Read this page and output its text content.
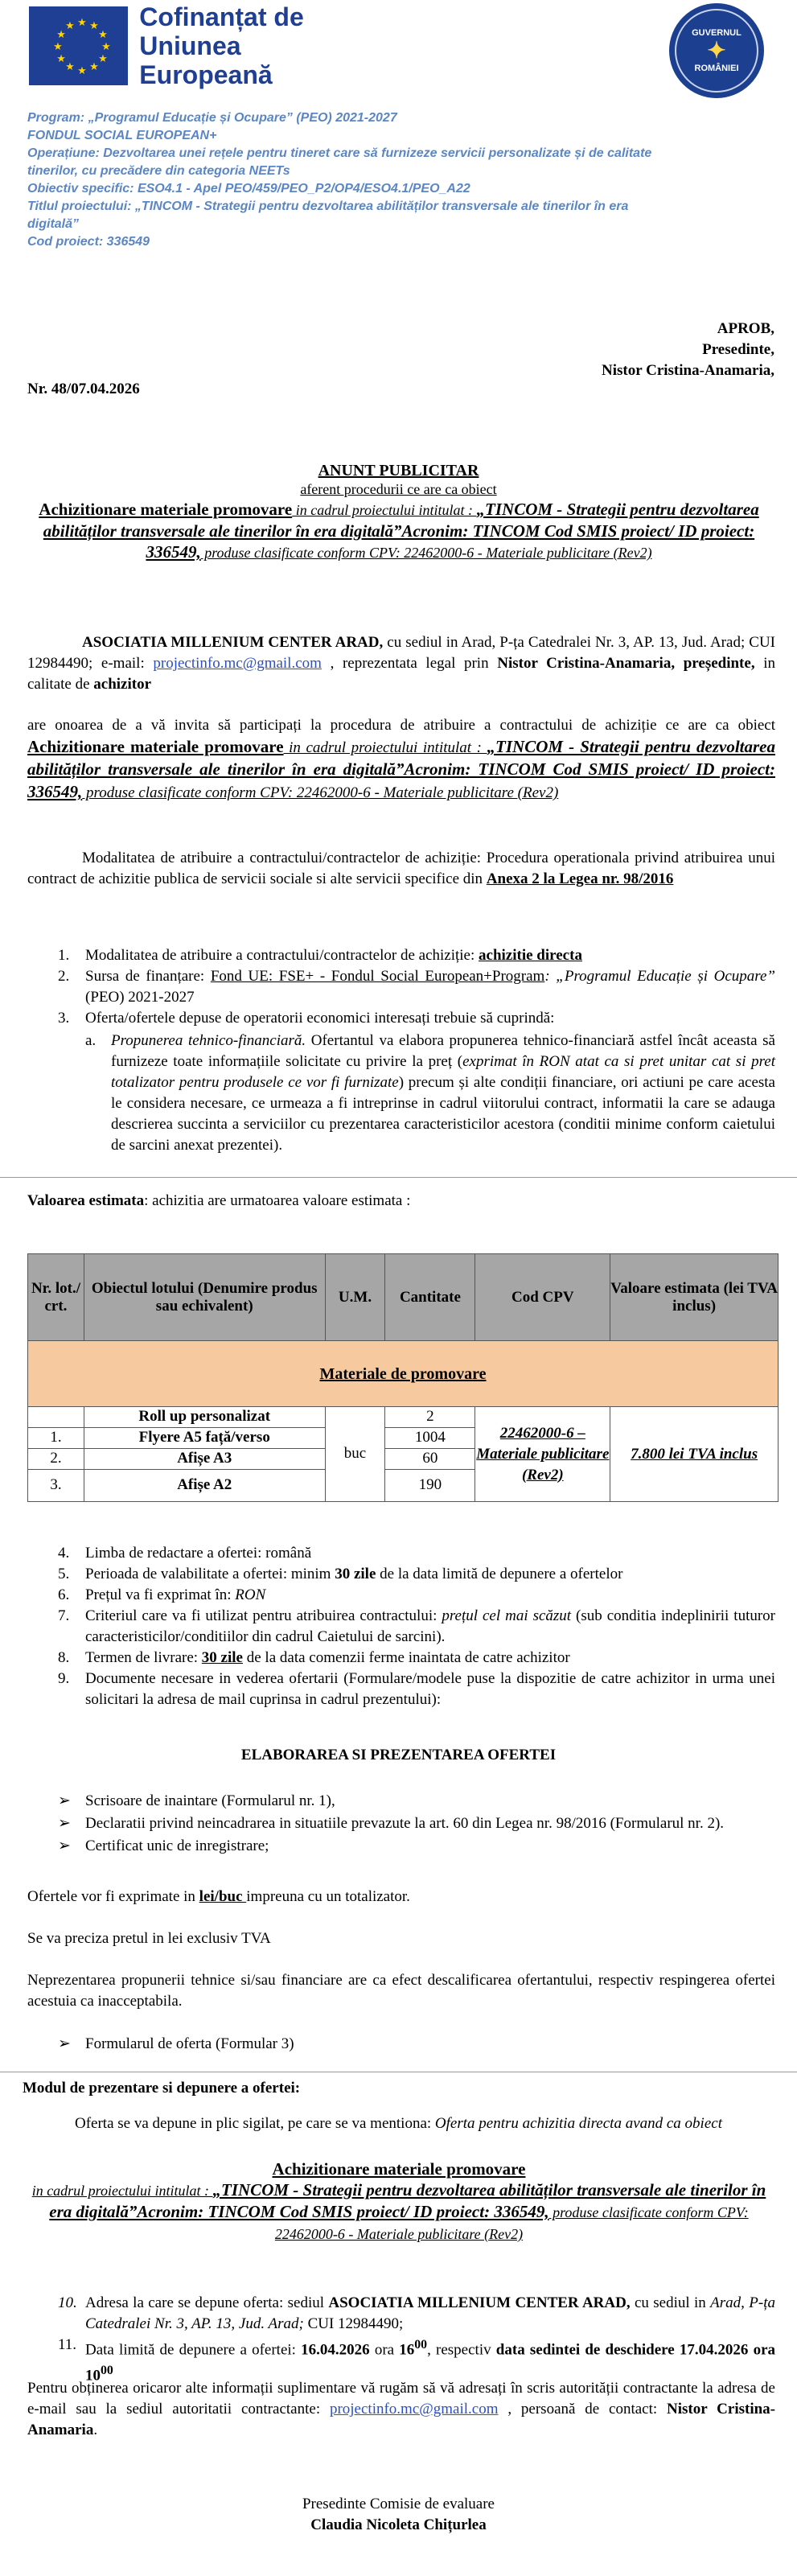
★ ★
★
★
★
★
★
★
★
★
★
★	Cofinanțat de
Uniunea Europeană
GUVERNUL
✦
ROMÂNIEI
Program: „Programul Educație și Ocupare” (PEO) 2021-2027
FONDUL SOCIAL EUROPEAN+
Operațiune: Dezvoltarea unei rețele pentru tineret care să furnizeze servicii personalizate și de calitate
tinerilor, cu precădere din categoria NEETs
Obiectiv specific: ESO4.1 - Apel PEO/459/PEO_P2/OP4/ESO4.1/PEO_A22
Titlul proiectului: „TINCOM - Strategii pentru dezvoltarea abilităților transversale ale tinerilor în era
digitală”
Cod proiect: 336549
APROB,
Presedinte,
Nistor Cristina-Anamaria,
Nr. 48/07.04.2026
ANUNT PUBLICITAR
aferent procedurii ce are ca obiect
Achizitionare materiale promovare in cadrul proiectului intitulat : „TINCOM - Strategii pentru dezvoltarea abilităților transversale ale tinerilor în era digitală”Acronim: TINCOM Cod SMIS proiect/ ID proiect: 336549, produse clasificate conform CPV: 22462000-6 - Materiale publicitare (Rev2)
ASOCIATIA MILLENIUM CENTER ARAD, cu sediul in Arad, P-ța Catedralei Nr. 3, AP. 13, Jud. Arad; CUI 12984490; e-mail: projectinfo.mc@gmail.com , reprezentata legal prin Nistor Cristina-Anamaria, președinte, in calitate de achizitor
are onoarea de a vă invita să participați la procedura de atribuire a contractului de achiziție ce are ca obiect Achizitionare materiale promovare in cadrul proiectului intitulat : „TINCOM - Strategii pentru dezvoltarea abilităților transversale ale tinerilor în era digitală”Acronim: TINCOM Cod SMIS proiect/ ID proiect: 336549, produse clasificate conform CPV: 22462000-6 - Materiale publicitare (Rev2)
Modalitatea de atribuire a contractului/contractelor de achiziție: Procedura operationala privind atribuirea unui contract de achizitie publica de servicii sociale si alte servicii specifice din Anexa 2 la Legea nr. 98/2016
1. Modalitatea de atribuire a contractului/contractelor de achiziție: achizitie directa
2. Sursa de finanțare: Fond UE: FSE+ - Fondul Social European+Program: „Programul Educație și Ocupare” (PEO) 2021-2027
3. Oferta/ofertele depuse de operatorii economici interesați trebuie să cuprindă:
a. Propunerea tehnico-financiară. Ofertantul va elabora propunerea tehnico-financiară astfel încât aceasta să furnizeze toate informațiile solicitate cu privire la preț (exprimat în RON atat ca si pret unitar cat si pret totalizator pentru produsele ce vor fi furnizate) precum și alte condiții financiare, ori actiuni pe care acesta le considera necesare, ce urmeaza a fi intreprinse in cadrul viitorului contract, informatii la care se adauga descrierea succinta a serviciilor cu prezentarea caracteristicilor acestora (conditii minime conform caietului de sarcini anexat prezentei).
Valoarea estimata: achizitia are urmatoarea valoare estimata :
Nr. lot./ crt.	Obiectul lotului (Denumire produs sau echivalent)	U.M.	Cantitate	Cod CPV	Valoare estimata (lei TVA inclus)
Materiale de promovare					
	Roll up personalizat	buc	2	22462000-6 – Materiale publicitare (Rev2)	7.800 lei TVA inclus
1.	Flyere A5 față/verso		1004		
2.	Afișe A3		60		
3.	Afișe A2		190		
4. Limba de redactare a ofertei: română
5. Perioada de valabilitate a ofertei: minim 30 zile de la data limită de depunere a ofertelor
6. Prețul va fi exprimat în: RON
7. Criteriul care va fi utilizat pentru atribuirea contractului: prețul cel mai scăzut (sub conditia indeplinirii tuturor caracteristicilor/conditiilor din cadrul Caietului de sarcini).
8. Termen de livrare: 30 zile de la data comenzii ferme inaintata de catre achizitor
9. Documente necesare in vederea ofertarii (Formulare/modele puse la dispozitie de catre achizitor in urma unei solicitari la adresa de mail cuprinsa in cadrul prezentului):
ELABORAREA SI PREZENTAREA OFERTEI
➢ Scrisoare de inaintare (Formularul nr. 1),
➢ Declaratii privind neincadrarea in situatiile prevazute la art. 60 din Legea nr. 98/2016 (Formularul nr. 2).
➢ Certificat unic de inregistrare;
Ofertele vor fi exprimate in lei/buc impreuna cu un totalizator.
Se va preciza pretul in lei exclusiv TVA
Neprezentarea propunerii tehnice si/sau financiare are ca efect descalificarea ofertantului, respectiv respingerea ofertei acestuia ca inacceptabila.
➢ Formularul de oferta (Formular 3)
Modul de prezentare si depunere a ofertei:
Oferta se va depune in plic sigilat, pe care se va mentiona: Oferta pentru achizitia directa avand ca obiect
Achizitionare materiale promovare
in cadrul proiectului intitulat : „TINCOM - Strategii pentru dezvoltarea abilităților transversale ale tinerilor în era digitală”Acronim: TINCOM Cod SMIS proiect/ ID proiect: 336549, produse clasificate conform CPV: 22462000-6 - Materiale publicitare (Rev2)
10. Adresa la care se depune oferta: sediul ASOCIATIA MILLENIUM CENTER ARAD, cu sediul in Arad, P-ța Catedralei Nr. 3, AP. 13, Jud. Arad; CUI 12984490;
11. Data limită de depunere a ofertei: 16.04.2026 ora $16^{00}$, respectiv data sedintei de deschidere 17.04.2026 ora $10^{00}$
Pentru obținerea oricaror alte informații suplimentare vă rugăm să vă adresați în scris autorității contractante la adresa de e-mail sau la sediul autoritatii contractante: projectinfo.mc@gmail.com , persoană de contact: Nistor Cristina-Anamaria.
Presedinte Comisie de evaluare
Claudia Nicoleta Chițurlea
